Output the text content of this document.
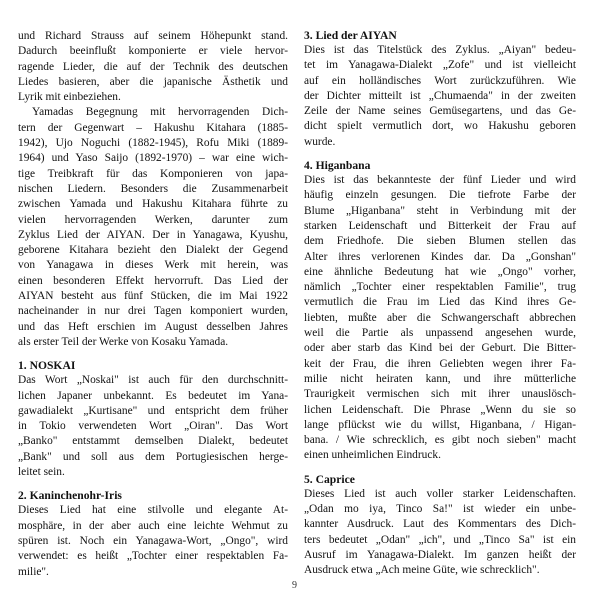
und Richard Strauss auf seinem Höhepunkt stand.
Dadurch beeinflußt komponierte er viele hervor-
ragende Lieder, die auf der Technik des deutschen
Liedes basieren, aber die japanische Ästhetik und
Lyrik mit einbeziehen.

Yamadas Begegnung mit hervorragenden Dich-
tern der Gegenwart – Hakushu Kitahara (1885-
1942), Ujo Noguchi (1882-1945), Rofu Miki (1889-
1964) und Yaso Saijo (1892-1970) – war eine wich-
tige Treibkraft für das Komponieren von japa-
nischen Liedern. Besonders die Zusammenarbeit
zwischen Yamada und Hakushu Kitahara führte zu
vielen hervorragenden Werken, darunter zum
Zyklus Lied der AIYAN. Der in Yanagawa, Kyushu,
geborene Kitahara bezieht den Dialekt der Gegend
von Yanagawa in dieses Werk mit herein, was
einen besonderen Effekt hervorruft. Das Lied der
AIYAN besteht aus fünf Stücken, die im Mai 1922
nacheinander in nur drei Tagen komponiert wurden,
und das Heft erschien im August desselben Jahres
als erster Teil der Werke von Kosaku Yamada.

1. NOSKAI

Das Wort „Noskai" ist auch für den durchschnitt-
lichen Japaner unbekannt. Es bedeutet im Yana-
gawadialekt „Kurtisane" und entspricht dem früher
in Tokio verwendeten Wort „Oiran". Das Wort
„Banko" entstammt demselben Dialekt, bedeutet
„Bank" und soll aus dem Portugiesischen herge-
leitet sein.

2. Kaninchenohr-Iris

Dieses Lied hat eine stilvolle und elegante At-
mosphäre, in der aber auch eine leichte Wehmut zu
spüren ist. Noch ein Yanagawa-Wort, „Ongo", wird
verwendet: es heißt „Tochter einer respektablen Fa-
milie".

3. Lied der AIYAN

Dies ist das Titelstück des Zyklus. „Aiyan" bedeu-
tet im Yanagawa-Dialekt „Zofe" und ist vielleicht
auf ein holländisches Wort zurückzuführen. Wie
der Dichter mitteilt ist „Chumaenda" in der zweiten
Zeile der Name seines Gemüsegartens, und das Ge-
dicht spielt vermutlich dort, wo Hakushu geboren
wurde.

4. Higanbana

Dies ist das bekannteste der fünf Lieder und wird
häufig einzeln gesungen. Die tiefrote Farbe der
Blume „Higanbana" steht in Verbindung mit der
starken Leidenschaft und Bitterkeit der Frau auf
dem Friedhofe. Die sieben Blumen stellen das
Alter ihres verlorenen Kindes dar. Da „Gonshan"
eine ähnliche Bedeutung hat wie „Ongo" vorher,
nämlich „Tochter einer respektablen Familie", trug
vermutlich die Frau im Lied das Kind ihres Ge-
liebten, mußte aber die Schwangerschaft abbrechen
weil die Partie als unpassend angesehen wurde,
oder aber starb das Kind bei der Geburt. Die Bitter-
keit der Frau, die ihren Geliebten wegen ihrer Fa-
milie nicht heiraten kann, und ihre mütterliche
Traurigkeit vermischen sich mit ihrer unauslösch-
lichen Leidenschaft. Die Phrase „Wenn du sie so
lange pflückst wie du willst, Higanbana, / Higan-
bana. / Wie schrecklich, es gibt noch sieben" macht
einen unheimlichen Eindruck.

5. Caprice

Dieses Lied ist auch voller starker Leidenschaften.
„Odan mo iya, Tinco Sa!" ist wieder ein unbe-
kannter Ausdruck. Laut des Kommentars des Dich-
ters bedeutet „Odan" „ich", und „Tinco Sa" ist ein
Ausruf im Yanagawa-Dialekt. Im ganzen heißt der
Ausdruck etwa „Ach meine Güte, wie schrecklich".

9
